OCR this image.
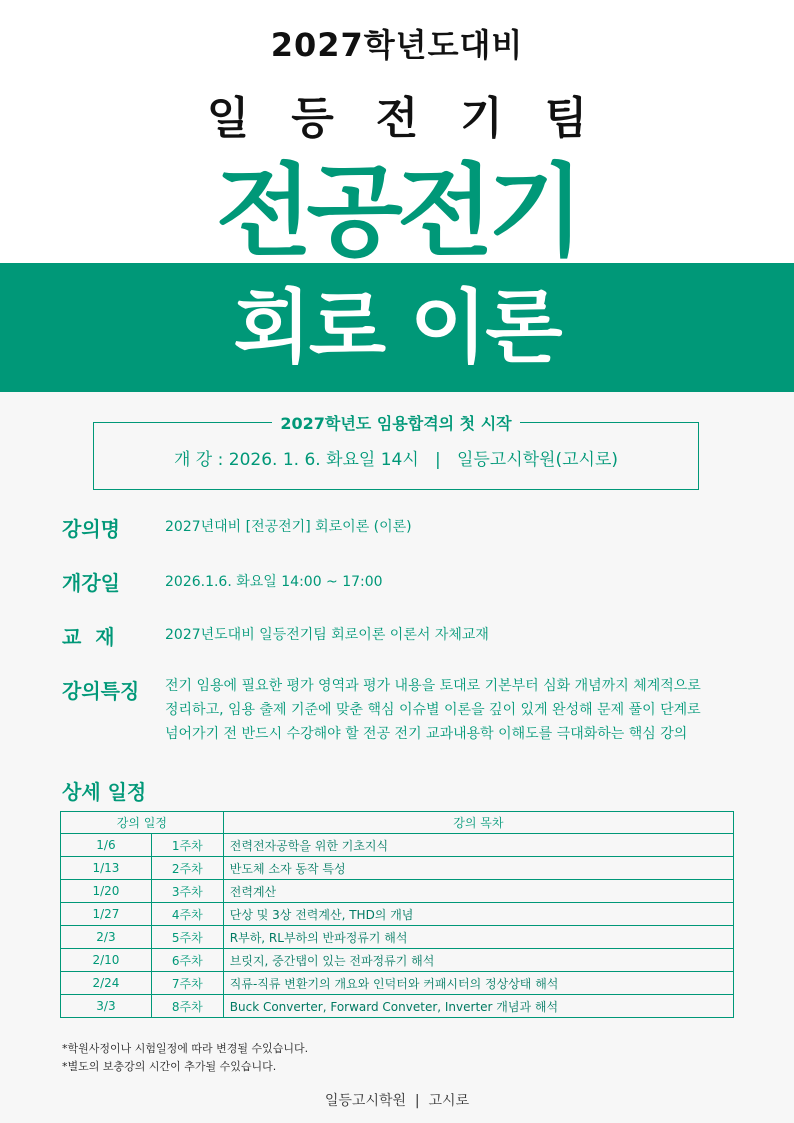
2027학년도대비
일등전기팀
전공전기
회로 이론
2027학년도 임용합격의 첫 시작
개 강 : 2026. 1. 6. 화요일 14시   |   일등고시학원(고시로)
강의명	2027년대비 [전공전기] 회로이론 (이론)
개강일	2026.1.6. 화요일 14:00 ~ 17:00
교  재	2027년도대비 일등전기팀 회로이론 이론서 자체교재
강의특징 전기 임용에 필요한 평가 영역과 평가 내용을 토대로 기본부터 심화 개념까지 체계적으로
정리하고, 임용 출제 기준에 맞춘 핵심 이슈별 이론을 깊이 있게 완성해 문제 풀이 단계로
넘어가기 전 반드시 수강해야 할 전공 전기 교과내용학 이해도를 극대화하는 핵심 강의
상세 일정
강의 일정		강의 목차
1/6	1주차	전력전자공학을 위한 기초지식
1/13	2주차	반도체 소자 동작 특성
1/20	3주차	전력계산
1/27	4주차	단상 및 3상 전력계산, THD의 개념
2/3	5주차	R부하, RL부하의 반파정류기 해석
2/10	6주차	브릿지, 중간탭이 있는 전파정류기 해석
2/24	7주차	직류-직류 변환기의 개요와 인덕터와 커패시터의 정상상태 해석
3/3	8주차	Buck Converter, Forward Conveter, Inverter 개념과 해석
*학원사정이나 시험일정에 따라 변경될 수있습니다.
*별도의 보충강의 시간이 추가될 수있습니다.
일등고시학원  |  고시로
